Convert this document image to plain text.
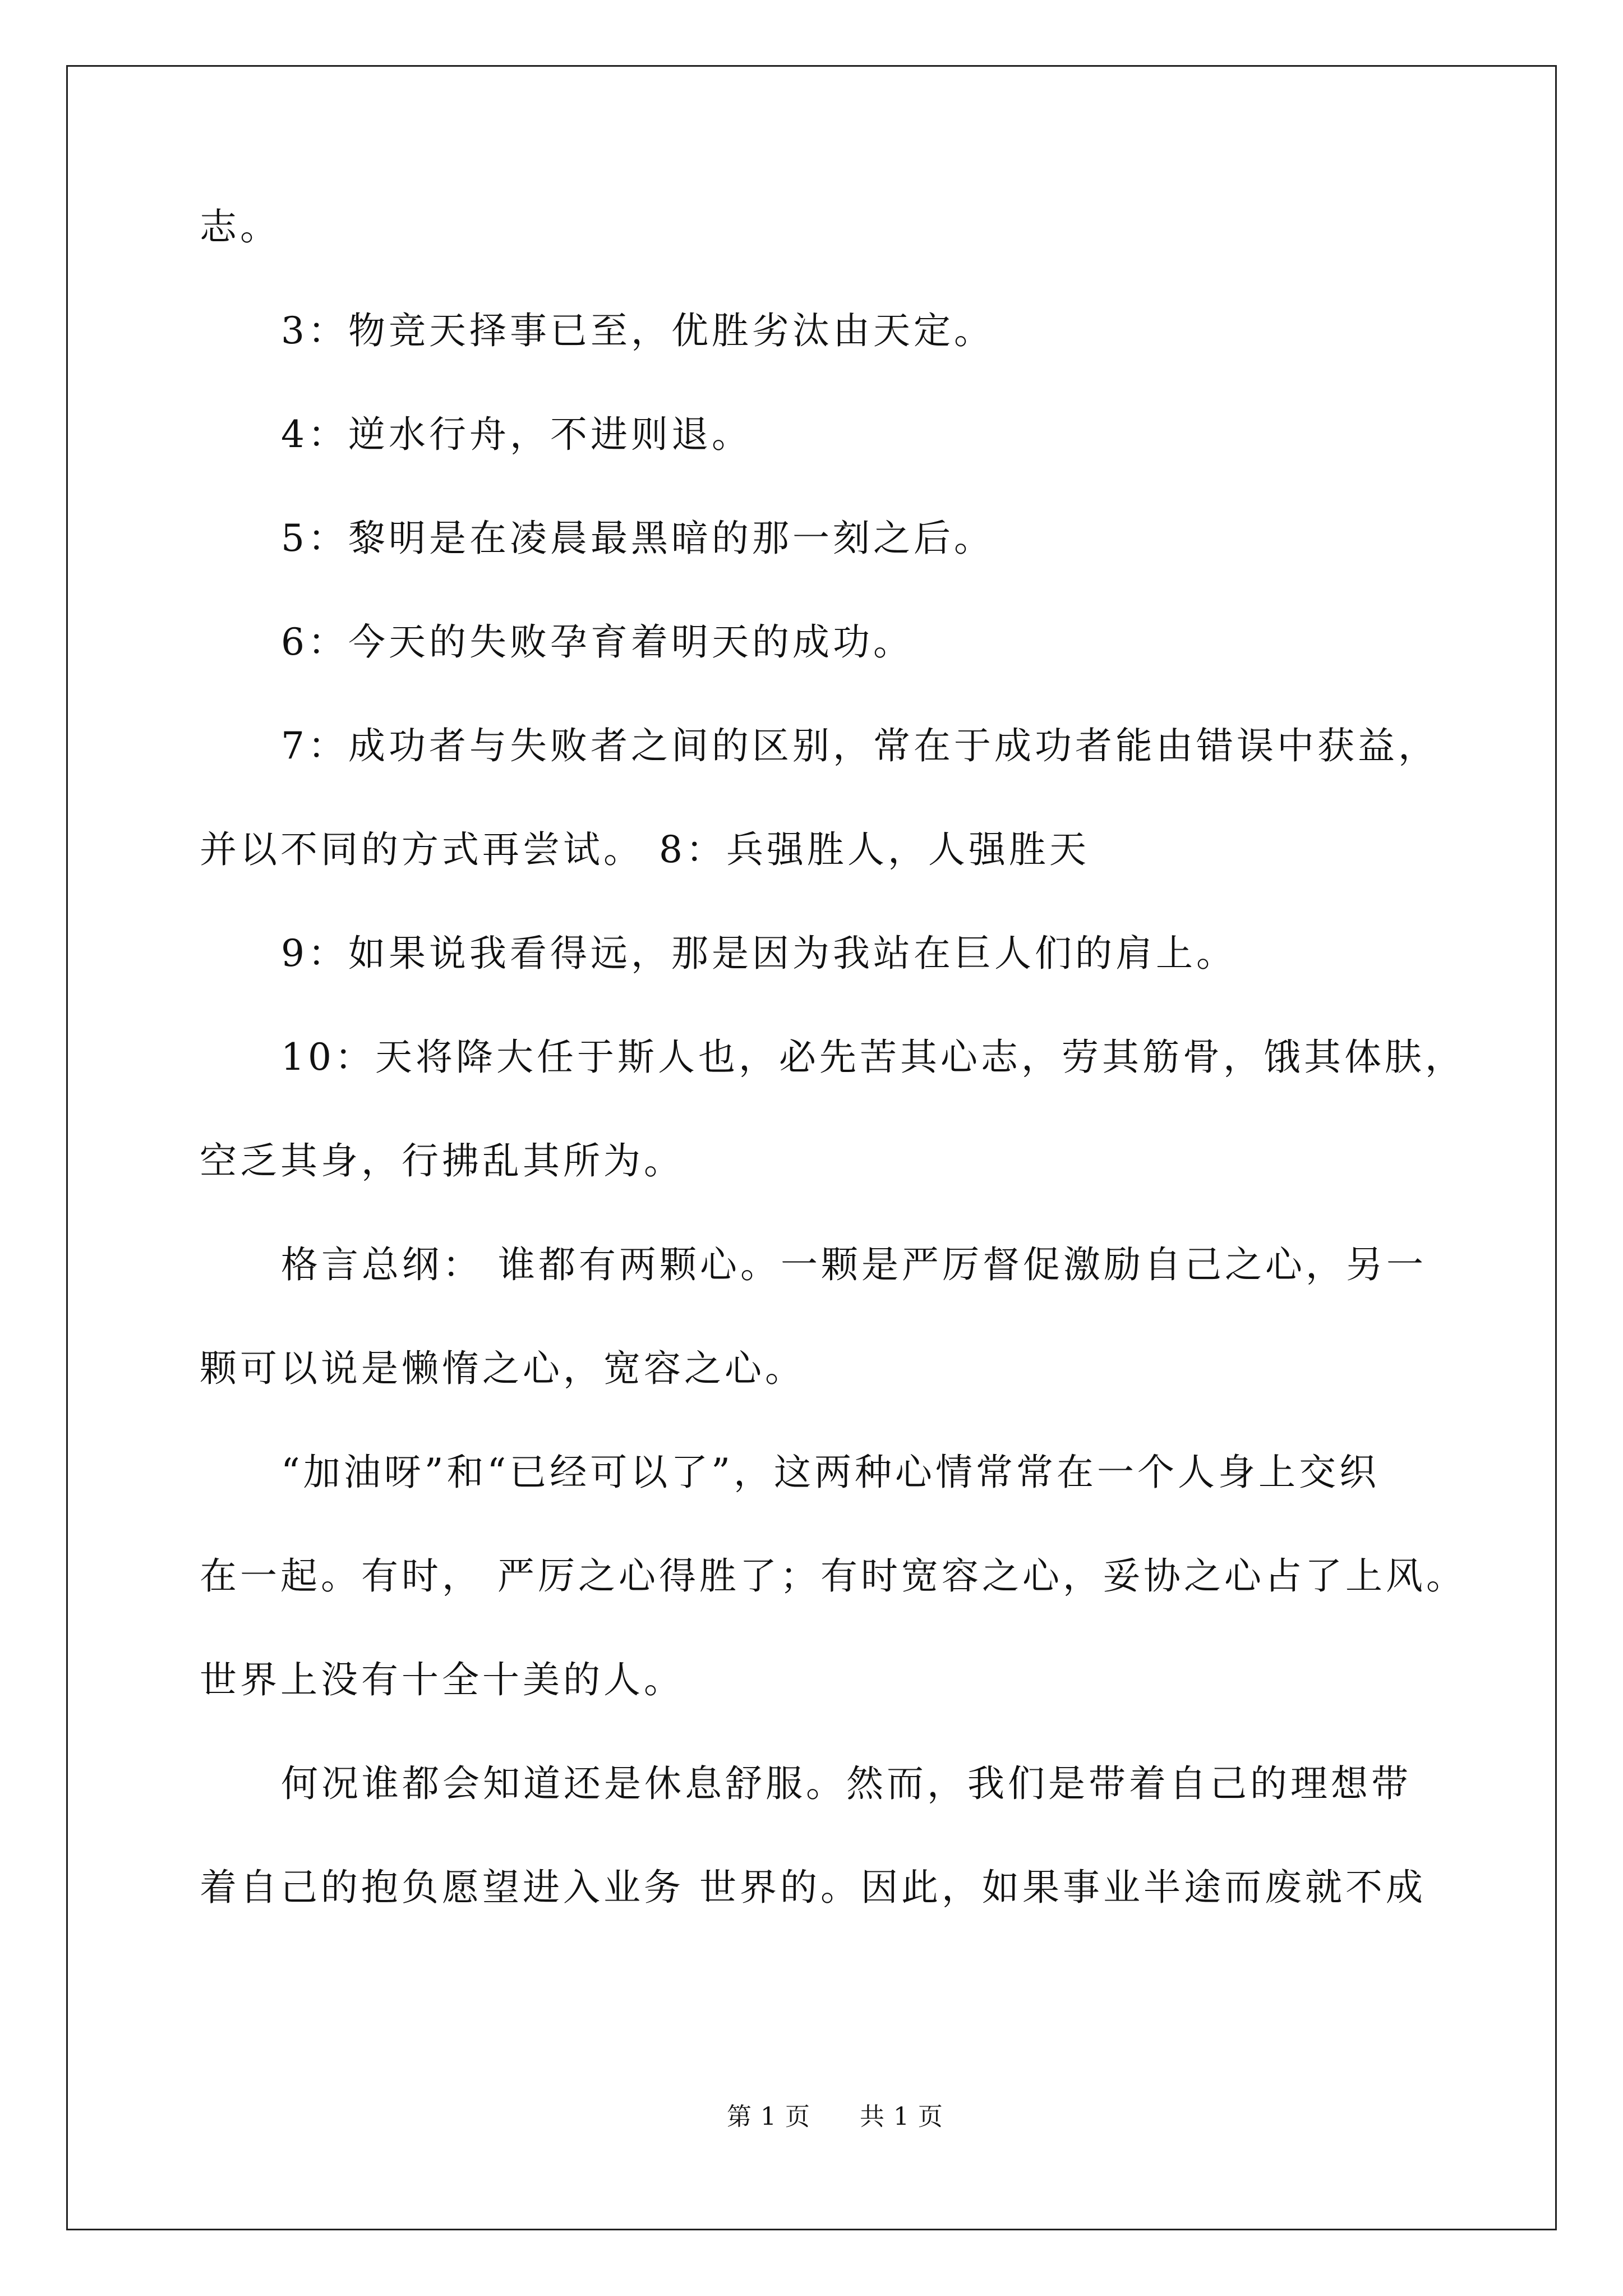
志。
3：物竞天择事已至，优胜劣汰由天定。
4：逆水行舟，不进则退。
5：黎明是在凌晨最黑暗的那一刻之后。
6：今天的失败孕育着明天的成功。
7：成功者与失败者之间的区别，常在于成功者能由错误中获益，
并以不同的方式再尝试。 8：兵强胜人，人强胜天
9：如果说我看得远，那是因为我站在巨人们的肩上。
10：天将降大任于斯人也，必先苦其心志，劳其筋骨，饿其体肤，
空乏其身，行拂乱其所为。
格言总纲： 谁都有两颗心。一颗是严厉督促激励自己之心，另一
颗可以说是懒惰之心，宽容之心。
“加油呀”和“已经可以了”，这两种心情常常在一个人身上交织
在一起。有时， 严厉之心得胜了；有时宽容之心，妥协之心占了上风。
世界上没有十全十美的人。
何况谁都会知道还是休息舒服。然而，我们是带着自己的理想带
着自己的抱负愿望进入业务 世界的。因此，如果事业半途而废就不成
第 1 页 共 1 页
